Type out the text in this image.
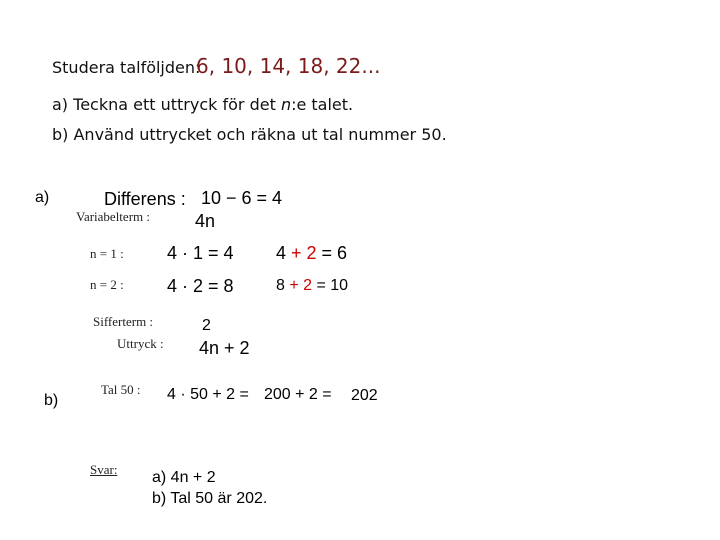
Studera talföljden:
6, 10, 14, 18, 22...
a) Teckna ett uttryck för det n:e talet.
b) Använd uttrycket och räkna ut tal nummer 50.
a)	Differens : 10 − 6 = 4
Variabelterm :	4n
n = 1 : 4 · 1 = 4 4 + 2 = 6
n = 2 : 4 · 2 = 8	8 + 2 = 10
Sifferterm :	2
Uttryck : 4n + 2
b)
Tal 50 : 4 · 50 + 2 = 200 + 2 = 202
Svar: a) 4n + 2
b) Tal 50 är 202.
